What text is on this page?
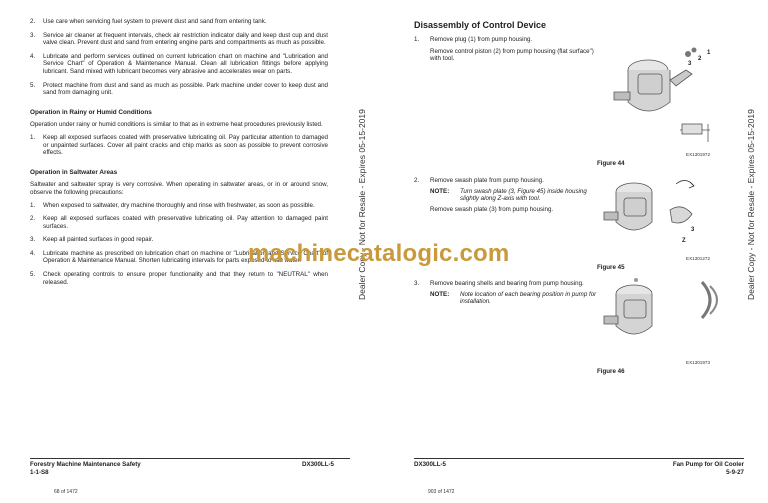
2. Use care when servicing fuel system to prevent dust and sand from entering tank.
3. Service air cleaner at frequent intervals, check air restriction indicator daily and keep dust cup and dust valve clean. Prevent dust and sand from entering engine parts and compartments as much as possible.
4. Lubricate and perform services outlined on current lubrication chart on machine and "Lubrication and Service Chart" of Operation & Maintenance Manual. Clean all lubrication fittings before applying lubricant. Sand mixed with lubricant becomes very abrasive and accelerates wear on parts.
5. Protect machine from dust and sand as much as possible. Park machine under cover to keep dust and sand from damaging unit.
Operation in Rainy or Humid Conditions
Operation under rainy or humid conditions is similar to that as in extreme heat procedures previously listed.
1. Keep all exposed surfaces coated with preservative lubricating oil. Pay particular attention to damaged or unpainted surfaces. Cover all paint cracks and chip marks as soon as possible to prevent corrosive effects.
Operation in Saltwater Areas
Saltwater and saltwater spray is very corrosive. When operating in saltwater areas, or in or around snow, observe the following precautions:
1. When exposed to saltwater, dry machine thoroughly and rinse with freshwater, as soon as possible.
2. Keep all exposed surfaces coated with preservative lubricating oil. Pay attention to damaged paint surfaces.
3. Keep all painted surfaces in good repair.
4. Lubricate machine as prescribed on lubrication chart on machine or "Lubrication and Service Chart" of Operation & Maintenance Manual. Shorten lubricating intervals for parts exposed to salt water.
5. Check operating controls to ensure proper functionality and that they return to "NEUTRAL" when released.
Forestry Machine Maintenance Safety
1-1-S8
DX300LL-5
68 of 1472
Dealer Copy - Not for Resale - Expires 05-15-2019	Dealer Copy - Not for Resale - Expires 05-15-2019
DX300LL-5	Fan Pump for Oil Cooler
5-9-27
903 of 1472
Disassembly of Control Device
1. Remove plug (1) from pump housing.
Remove control piston (2) from pump housing (flat surface") with tool.
1
2
3
EX1301972
Figure 44
2. Remove swash plate from pump housing.
NOTE: Turn swash plate (3, Figure 45) inside housing slightly along Z-axis with tool.
Remove swash plate (3) from pump housing.
3
Z
EX1301272
Figure 45
3. Remove bearing shells and bearing from pump housing.
NOTE: Note location of each bearing position in pump for installation.
EX1301973
Figure 46
machinecatalogic.com
